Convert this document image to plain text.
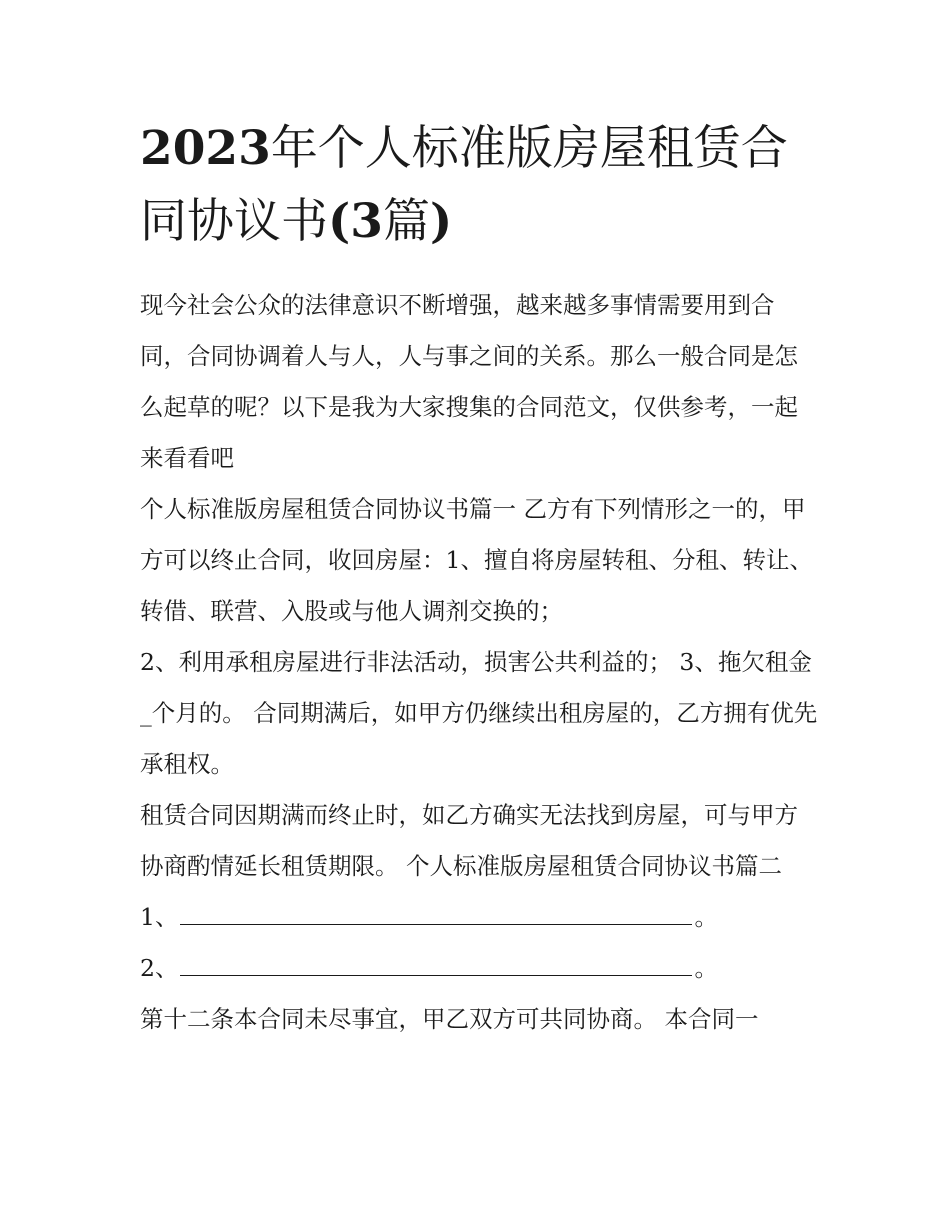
2023年个人标准版房屋租赁合
同协议书(3篇)

现今社会公众的法律意识不断增强，越来越多事情需要用到合同，合同协调着人与人，人与事之间的关系。那么一般合同是怎么起草的呢？以下是我为大家搜集的合同范文，仅供参考，一起来看看吧

个人标准版房屋租赁合同协议书篇一 乙方有下列情形之一的，甲方可以终止合同，收回房屋：1、擅自将房屋转租、分租、转让、转借、联营、入股或与他人调剂交换的；

2、利用承租房屋进行非法活动，损害公共利益的； 3、拖欠租金_个月的。 合同期满后，如甲方仍继续出租房屋的，乙方拥有优先承租权。

租赁合同因期满而终止时，如乙方确实无法找到房屋，可与甲方协商酌情延长租赁期限。 个人标准版房屋租赁合同协议书篇二

1、	。

2、	。

第十二条本合同未尽事宜，甲乙双方可共同协商。 本合同一
